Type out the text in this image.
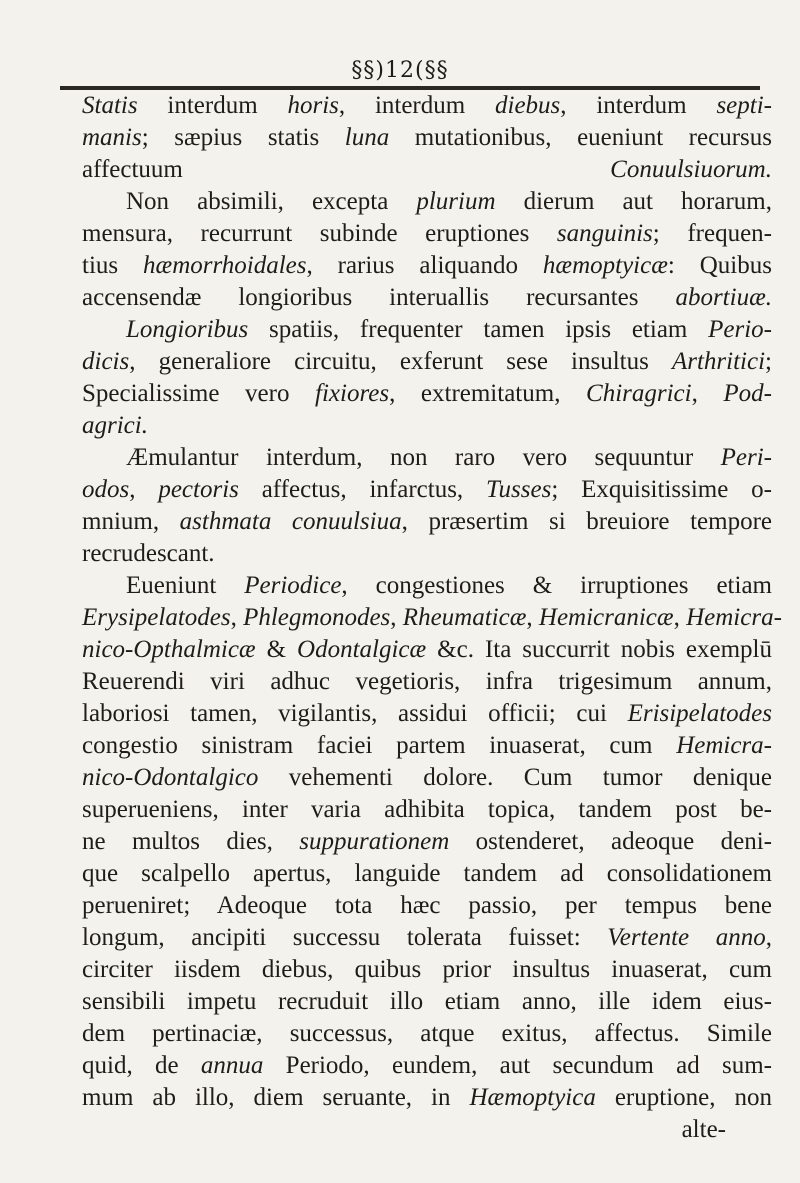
§§)12(§§
Statis interdum horis, interdum diebus, interdum septi-
manis; sæpius statis luna mutationibus, eueniunt recursus
affectuum Conuulsiuorum.
Non absimili, excepta plurium dierum aut horarum,
mensura, recurrunt subinde eruptiones sanguinis; frequen-
tius hæmorrhoidales, rarius aliquando hæmoptyicæ: Quibus
accensendæ longioribus interuallis recursantes abortiuæ.
Longioribus spatiis, frequenter tamen ipsis etiam Perio-
dicis, generaliore circuitu, exferunt sese insultus Arthritici;
Specialissime vero fixiores, extremitatum, Chiragrici, Pod-
agrici.
Æmulantur interdum, non raro vero sequuntur Peri-
odos, pectoris affectus, infarctus, Tusses; Exquisitissime o-
mnium, asthmata conuulsiua, præsertim si breuiore tempore
recrudescant.
Eueniunt Periodice, congestiones & irruptiones etiam
Erysipelatodes, Phlegmonodes, Rheumaticæ, Hemicranicæ, Hemicra-
nico-Opthalmicæ & Odontalgicæ &c. Ita succurrit nobis exemplū
Reuerendi viri adhuc vegetioris, infra trigesimum annum,
laboriosi tamen, vigilantis, assidui officii; cui Erisipelatodes
congestio sinistram faciei partem inuaserat, cum Hemicra-
nico-Odontalgico vehementi dolore. Cum tumor denique
superueniens, inter varia adhibita topica, tandem post be-
ne multos dies, suppurationem ostenderet, adeoque deni-
que scalpello apertus, languide tandem ad consolidationem
perueniret; Adeoque tota hæc passio, per tempus bene
longum, ancipiti successu tolerata fuisset: Vertente anno,
circiter iisdem diebus, quibus prior insultus inuaserat, cum
sensibili impetu recruduit illo etiam anno, ille idem eius-
dem pertinaciæ, successus, atque exitus, affectus. Simile
quid, de annua Periodo, eundem, aut secundum ad sum-
mum ab illo, diem seruante, in Hæmoptyica eruptione, non
alte-
